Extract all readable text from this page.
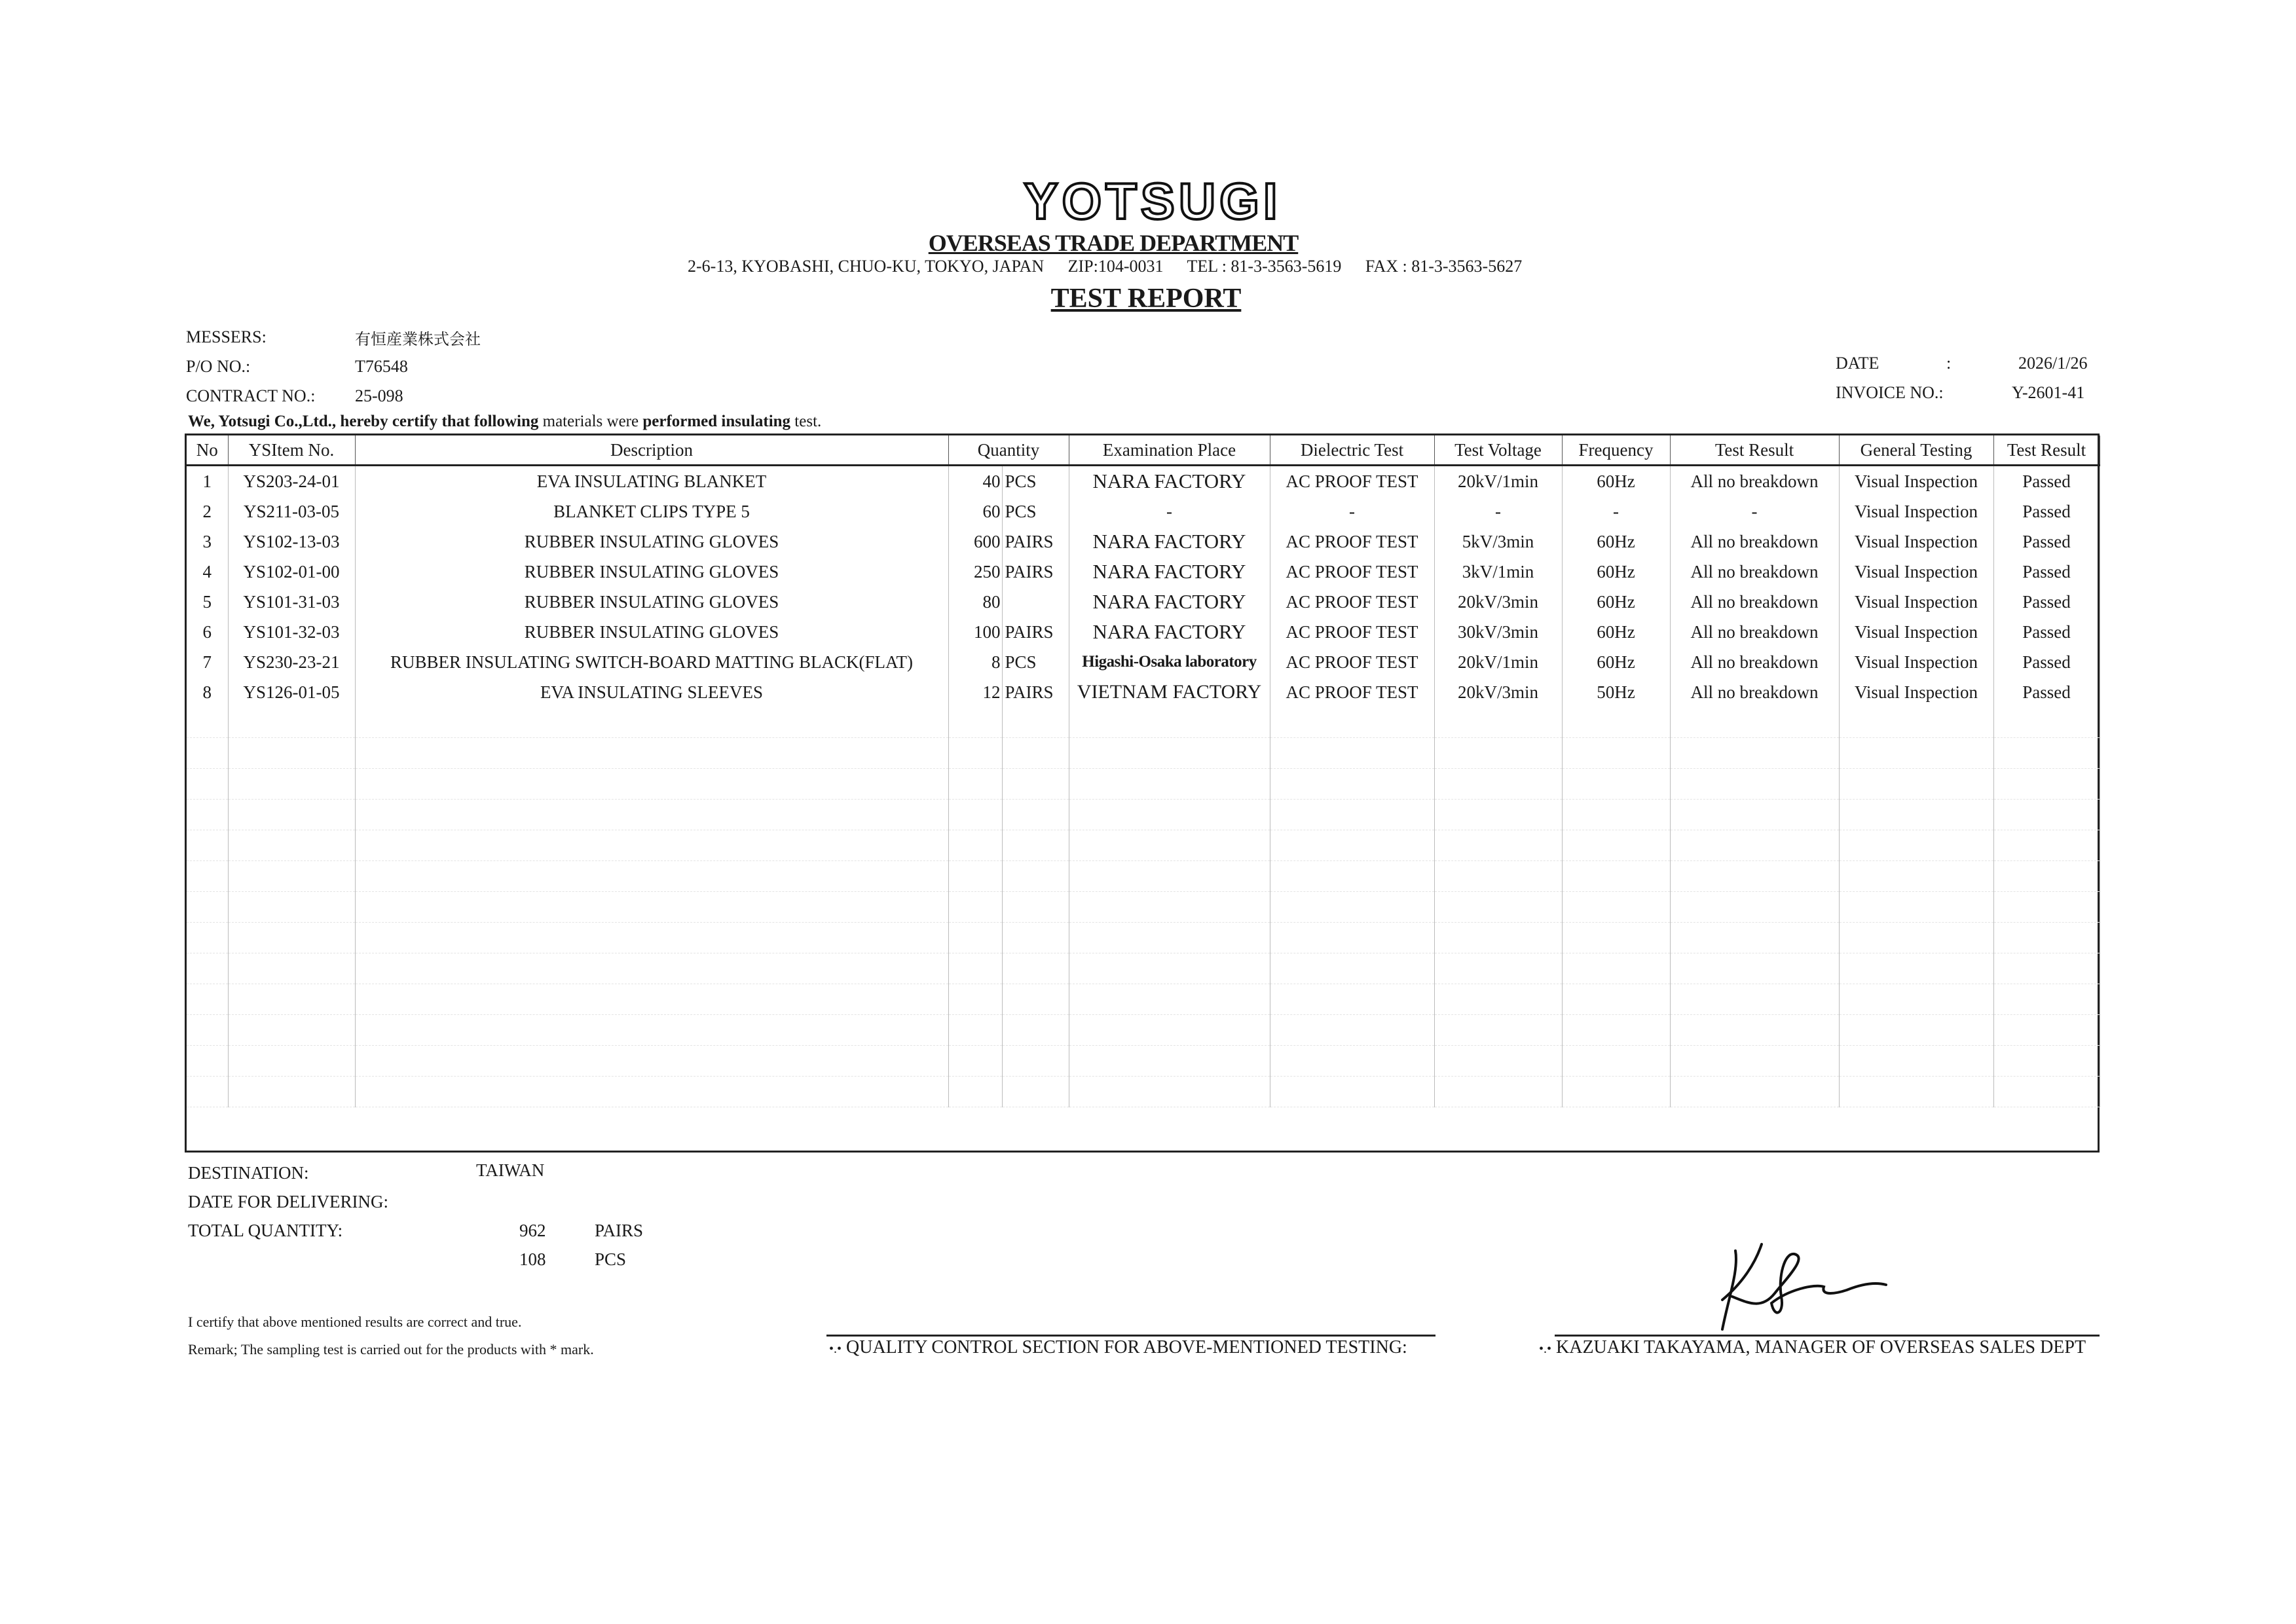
YOTSUGI
OVERSEAS TRADE DEPARTMENT
2-6-13, KYOBASHI, CHUO-KU, TOKYO, JAPAN ZIP:104-0031 TEL : 81-3-3563-5619 FAX : 81-3-3563-5627
TEST REPORT
MESSERS:	有恒産業株式会社
P/O NO.:	T76548
CONTRACT NO.: 25-098
DATE	:	2026/1/26
INVOICE NO.:	Y-2601-41
We, Yotsugi Co.,Ltd., hereby certify that following materials were performed insulating test.
No	YSItem No.	Description	Quantity		Examination Place	Dielectric Test	Test Voltage	Frequency	Test Result	General Testing	Test Result
1	YS203-24-01	EVA INSULATING BLANKET	40	PCS	NARA FACTORY	AC PROOF TEST	20kV/1min	60Hz	All no breakdown	Visual Inspection	Passed
2	YS211-03-05	BLANKET CLIPS TYPE 5	60	PCS	-	-	-	-	-	Visual Inspection	Passed
3	YS102-13-03	RUBBER INSULATING GLOVES	600	PAIRS	NARA FACTORY	AC PROOF TEST	5kV/3min	60Hz	All no breakdown	Visual Inspection	Passed
4	YS102-01-00	RUBBER INSULATING GLOVES	250	PAIRS	NARA FACTORY	AC PROOF TEST	3kV/1min	60Hz	All no breakdown	Visual Inspection	Passed
5	YS101-31-03	RUBBER INSULATING GLOVES	80		NARA FACTORY	AC PROOF TEST	20kV/3min	60Hz	All no breakdown	Visual Inspection	Passed
6	YS101-32-03	RUBBER INSULATING GLOVES	100	PAIRS	NARA FACTORY	AC PROOF TEST	30kV/3min	60Hz	All no breakdown	Visual Inspection	Passed
7	YS230-23-21	RUBBER INSULATING SWITCH-BOARD MATTING BLACK(FLAT)	8	PCS	Higashi-Osaka laboratory	AC PROOF TEST	20kV/1min	60Hz	All no breakdown	Visual Inspection	Passed
8	YS126-01-05	EVA INSULATING SLEEVES	12	PAIRS	VIETNAM FACTORY	AC PROOF TEST	20kV/3min	50Hz	All no breakdown	Visual Inspection	Passed

DESTINATION:	TAIWAN
DATE FOR DELIVERING:
TOTAL QUANTITY:	962	PAIRS
108	PCS
I certify that above mentioned results are correct and true.
Remark; The sampling test is carried out for the products with * mark.	•.• QUALITY CONTROL SECTION FOR ABOVE-MENTIONED TESTING:	•.• KAZUAKI TAKAYAMA, MANAGER OF OVERSEAS SALES DEPT
